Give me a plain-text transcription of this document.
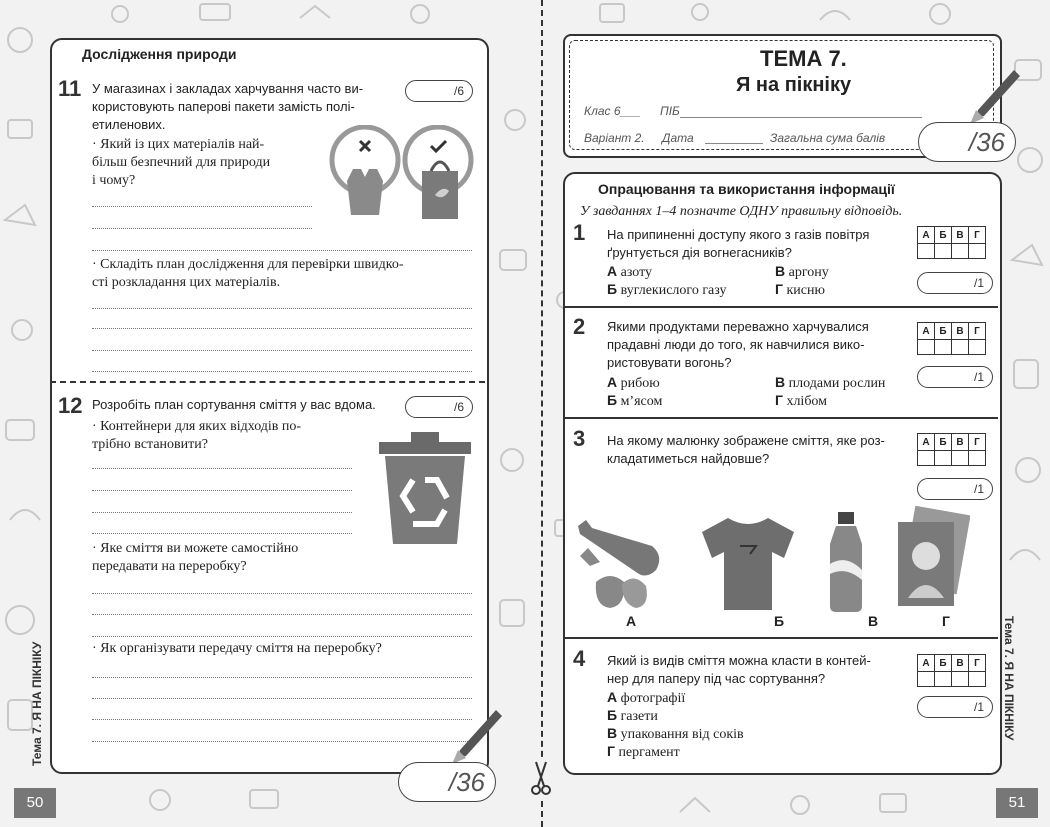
Дослідження природи
11	/6
У магазинах і закладах харчування часто ви-
користовують паперові пакети замість полі-
етиленових.
· Який із цих матеріалів най-
більш безпечний для природи
і чому?
· Складіть план дослідження для перевірки швидко-
сті розкладання цих матеріалів.
12	/6
Розробіть план сортування сміття у вас вдома.
· Контейнери для яких відходів по-
трібно встановити?
· Яке сміття ви можете самостійно
передавати на переробку?
· Як організувати передачу сміття на переробку?
/36
Тема 7. Я НА ПІКНІКУ
50
ТЕМА 7.
Я на пікніку
Клас 6___ ПІБ
Варіант 2. Дата	Загальна сума балів	/36
Опрацювання та використання інформації
У завданнях 1–4 позначте ОДНУ правильну відповідь.
1 На припиненні доступу якого з газів повітря
ґрунтується дія вогнегасників?
А	Б	В	Г

А азоту	В аргону
Б вуглекислого газу	Г кисню	/1
2 Якими продуктами переважно харчувалися
прадавні люди до того, як навчилися вико-
ристовувати вогонь?
А	Б	В	Г

А рибою	В плодами рослин
Б м’ясом	Г хлібом
/1
3 На якому малюнку зображене сміття, яке роз-
кладатиметься найдовше?
А	Б	В	Г

/1
А	Б	В	Г
4 Який із видів сміття можна класти в контей-
нер для паперу під час сортування?
А	Б	В	Г

А фотографії
Б газети
В упаковання від соків
Г пергамент
/1	Тема 7. Я НА ПІКНІКУ
51
